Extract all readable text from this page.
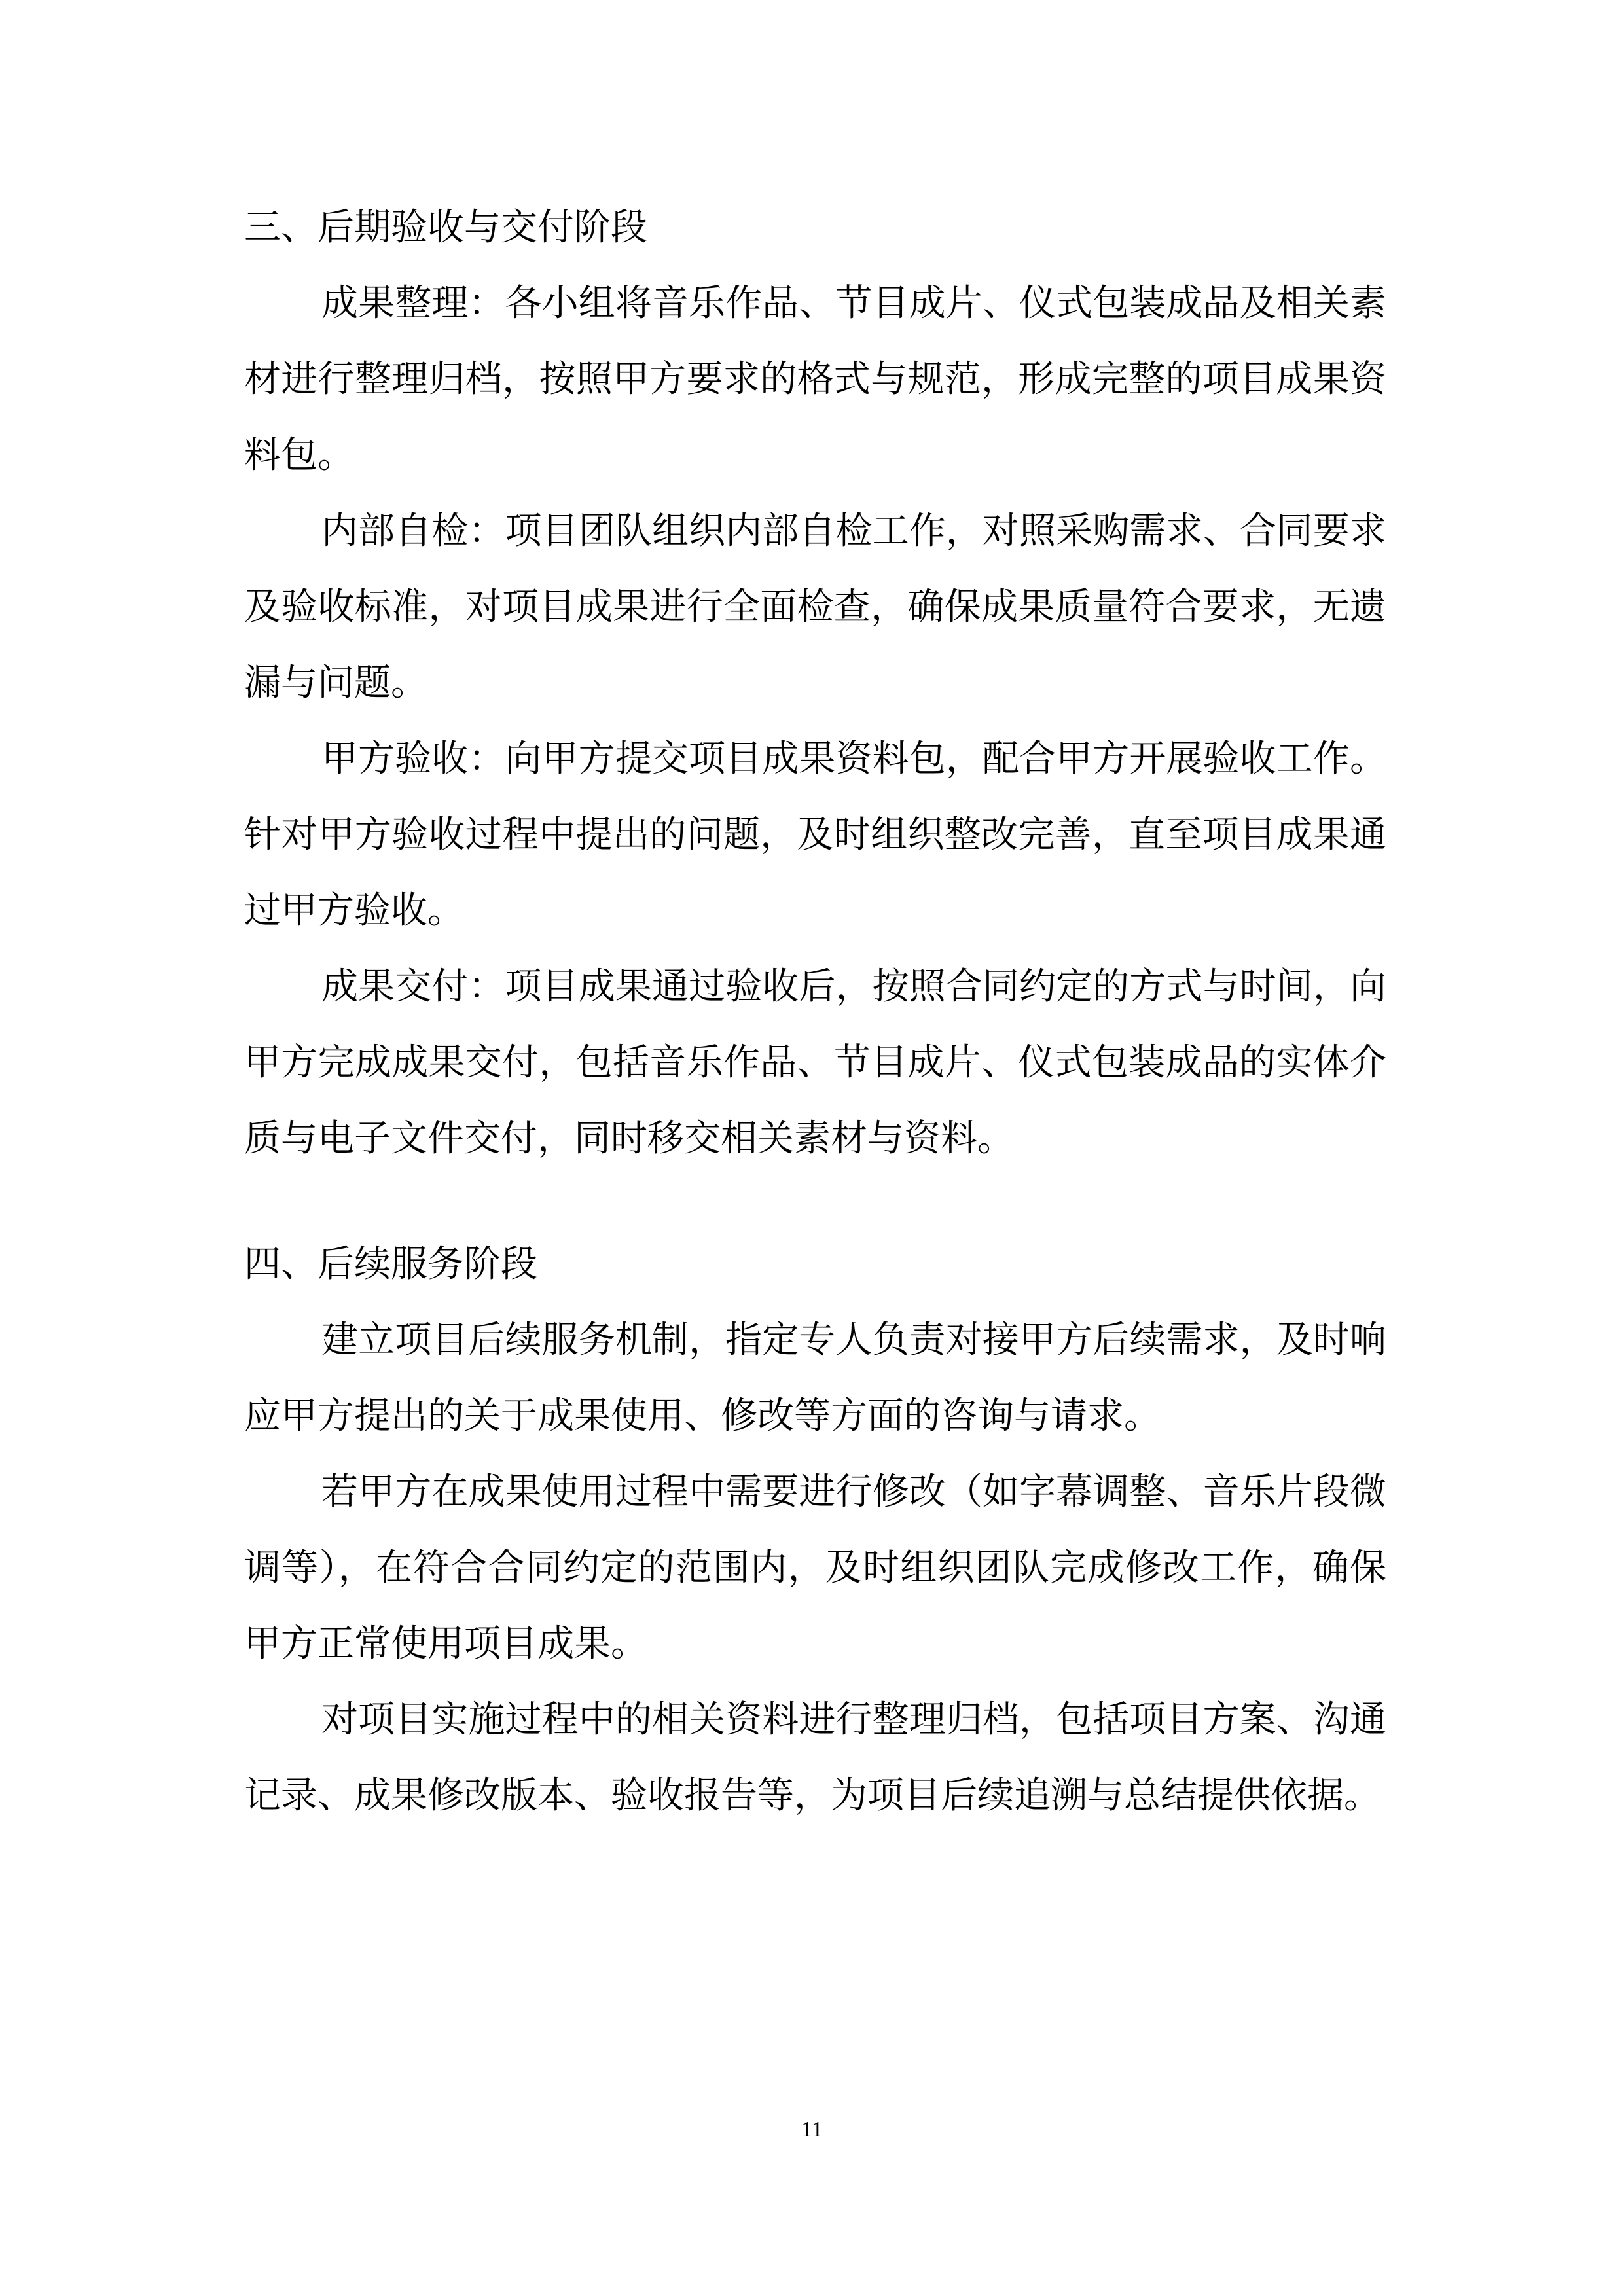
三、后期验收与交付阶段

成果整理：各小组将音乐作品、节目成片、仪式包装成品及相关素材进行整理归档，按照甲方要求的格式与规范，形成完整的项目成果资料包。

内部自检：项目团队组织内部自检工作，对照采购需求、合同要求及验收标准，对项目成果进行全面检查，确保成果质量符合要求，无遗漏与问题。

甲方验收：向甲方提交项目成果资料包，配合甲方开展验收工作。针对甲方验收过程中提出的问题，及时组织整改完善，直至项目成果通过甲方验收。

成果交付：项目成果通过验收后，按照合同约定的方式与时间，向甲方完成成果交付，包括音乐作品、节目成片、仪式包装成品的实体介质与电子文件交付，同时移交相关素材与资料。

四、后续服务阶段

建立项目后续服务机制，指定专人负责对接甲方后续需求，及时响应甲方提出的关于成果使用、修改等方面的咨询与请求。

若甲方在成果使用过程中需要进行修改（如字幕调整、音乐片段微调等），在符合合同约定的范围内，及时组织团队完成修改工作，确保甲方正常使用项目成果。

对项目实施过程中的相关资料进行整理归档，包括项目方案、沟通记录、成果修改版本、验收报告等，为项目后续追溯与总结提供依据。

11
